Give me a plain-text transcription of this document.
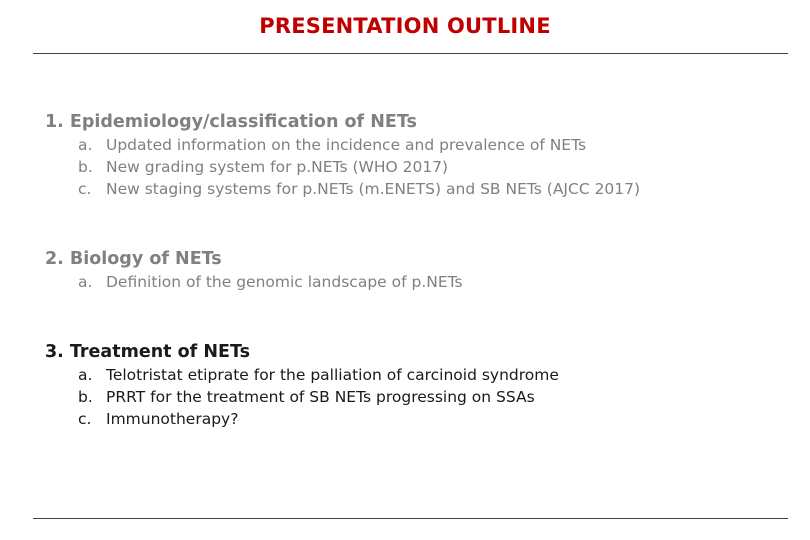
PRESENTATION OUTLINE
1. Epidemiology/classification of NETs
a. Updated information on the incidence and prevalence of NETs
b. New grading system for p.NETs (WHO 2017)
c. New staging systems for p.NETs (m.ENETS) and SB NETs (AJCC 2017)
2. Biology of NETs
a. Definition of the genomic landscape of p.NETs
3. Treatment of NETs
a. Telotristat etiprate for the palliation of carcinoid syndrome
b. PRRT for the treatment of SB NETs progressing on SSAs
c. Immunotherapy?
